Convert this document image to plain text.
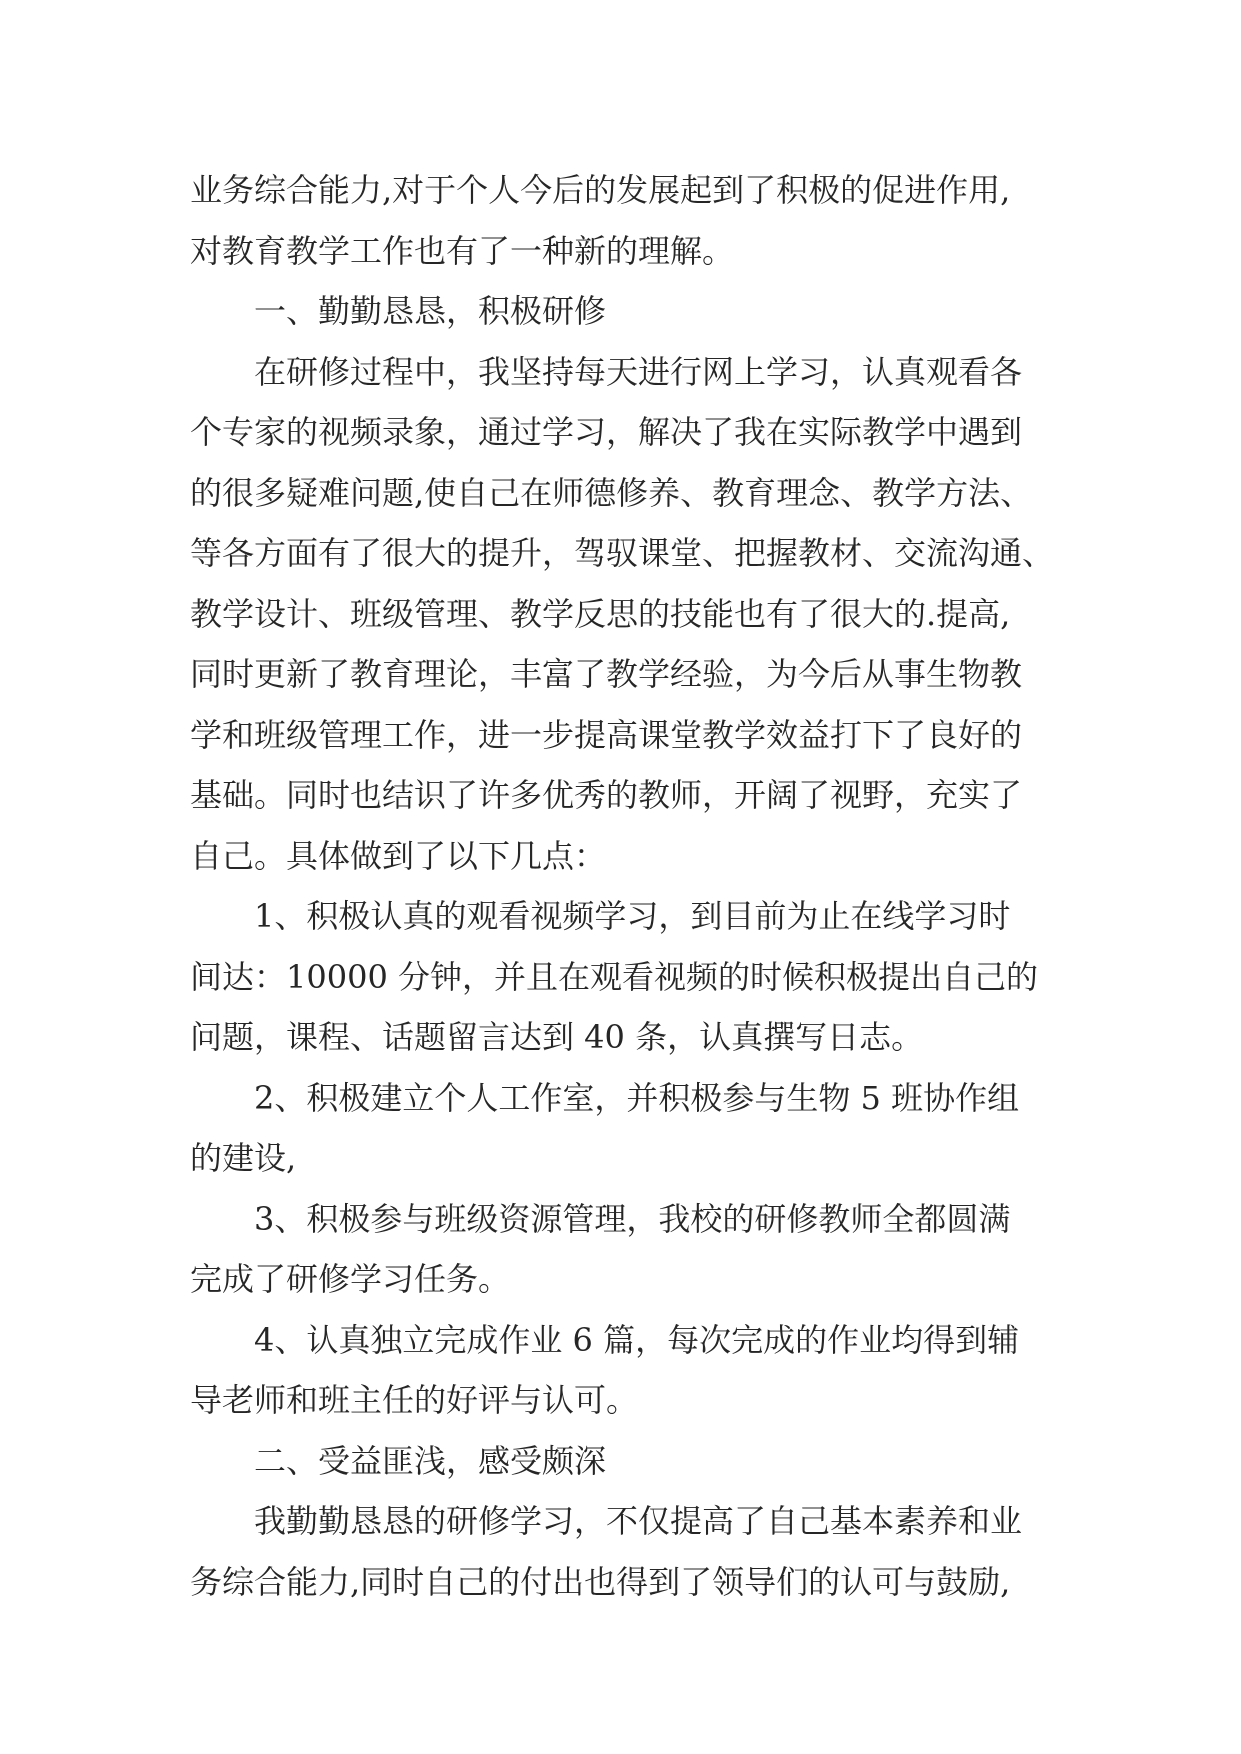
业务综合能力,对于个人今后的发展起到了积极的促进作用,

对教育教学工作也有了一种新的理解。

一、勤勤恳恳，积极研修

在研修过程中，我坚持每天进行网上学习，认真观看各

个专家的视频录象，通过学习，解决了我在实际教学中遇到

的很多疑难问题,使自己在师德修养、教育理念、教学方法、

等各方面有了很大的提升，驾驭课堂、把握教材、交流沟通、

教学设计、班级管理、教学反思的技能也有了很大的.提高,

同时更新了教育理论，丰富了教学经验，为今后从事生物教

学和班级管理工作，进一步提高课堂教学效益打下了良好的

基础。同时也结识了许多优秀的教师，开阔了视野，充实了

自己。具体做到了以下几点：

1、积极认真的观看视频学习，到目前为止在线学习时

间达：10000 分钟，并且在观看视频的时候积极提出自己的

问题，课程、话题留言达到 40 条，认真撰写日志。

2、积极建立个人工作室，并积极参与生物 5 班协作组

的建设,

3、积极参与班级资源管理，我校的研修教师全都圆满

完成了研修学习任务。

4、认真独立完成作业 6 篇，每次完成的作业均得到辅

导老师和班主任的好评与认可。

二、受益匪浅，感受颇深

我勤勤恳恳的研修学习，不仅提高了自己基本素养和业

务综合能力,同时自己的付出也得到了领导们的认可与鼓励,
